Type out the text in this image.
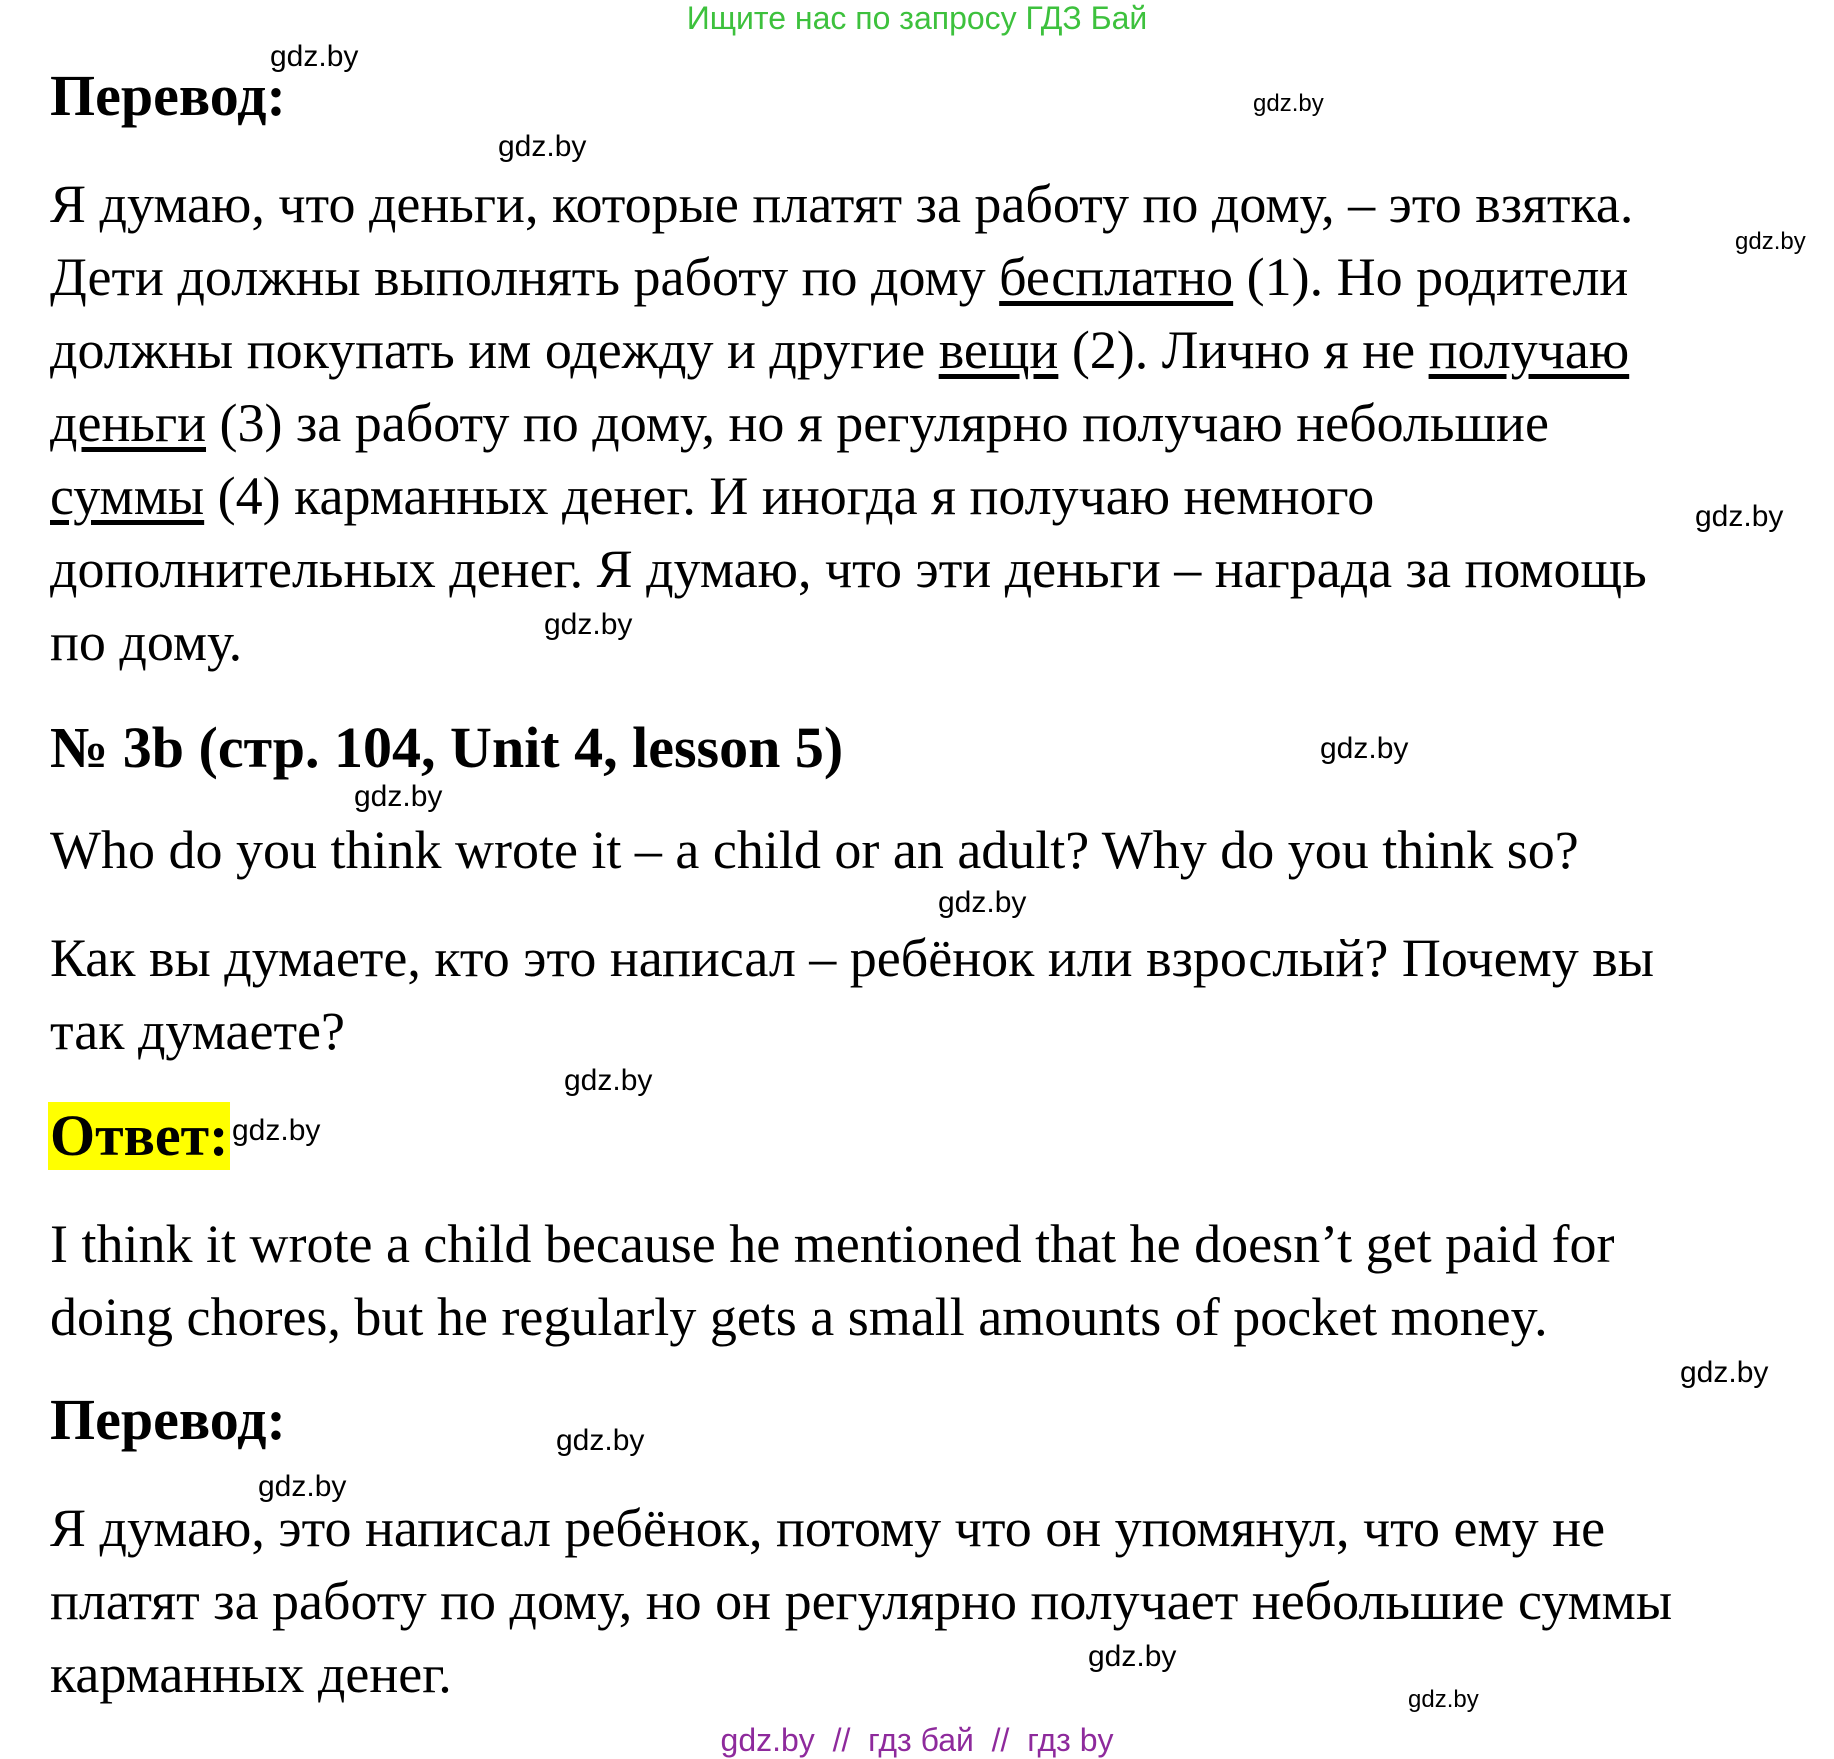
Ищите нас по запросу ГДЗ Бай
gdz.by
gdz.by
gdz.by
gdz.by
gdz.by
gdz.by
gdz.by
gdz.by
gdz.by
gdz.by
gdz.by
gdz.by
gdz.by
gdz.by
gdz.by
gdz.by
Перевод:
Я думаю, что деньги, которые платят за работу по дому, – это взятка.
Дети должны выполнять работу по дому бесплатно (1). Но родители
должны покупать им одежду и другие вещи (2). Лично я не получаю
деньги (3) за работу по дому, но я регулярно получаю небольшие
суммы (4) карманных денег. И иногда я получаю немного
дополнительных денег. Я думаю, что эти деньги – награда за помощь
по дому.
№ 3b (стр. 104, Unit 4, lesson 5)
Who do you think wrote it – a child or an adult? Why do you think so?
Как вы думаете, кто это написал – ребёнок или взрослый? Почему вы
так думаете?
Ответ:
I think it wrote a child because he mentioned that he doesn’t get paid for
doing chores, but he regularly gets a small amounts of pocket money.
Перевод:
Я думаю, это написал ребёнок, потому что он упомянул, что ему не
платят за работу по дому, но он регулярно получает небольшие суммы
карманных денег.
gdz.by  //  гдз бай  //  гдз by
